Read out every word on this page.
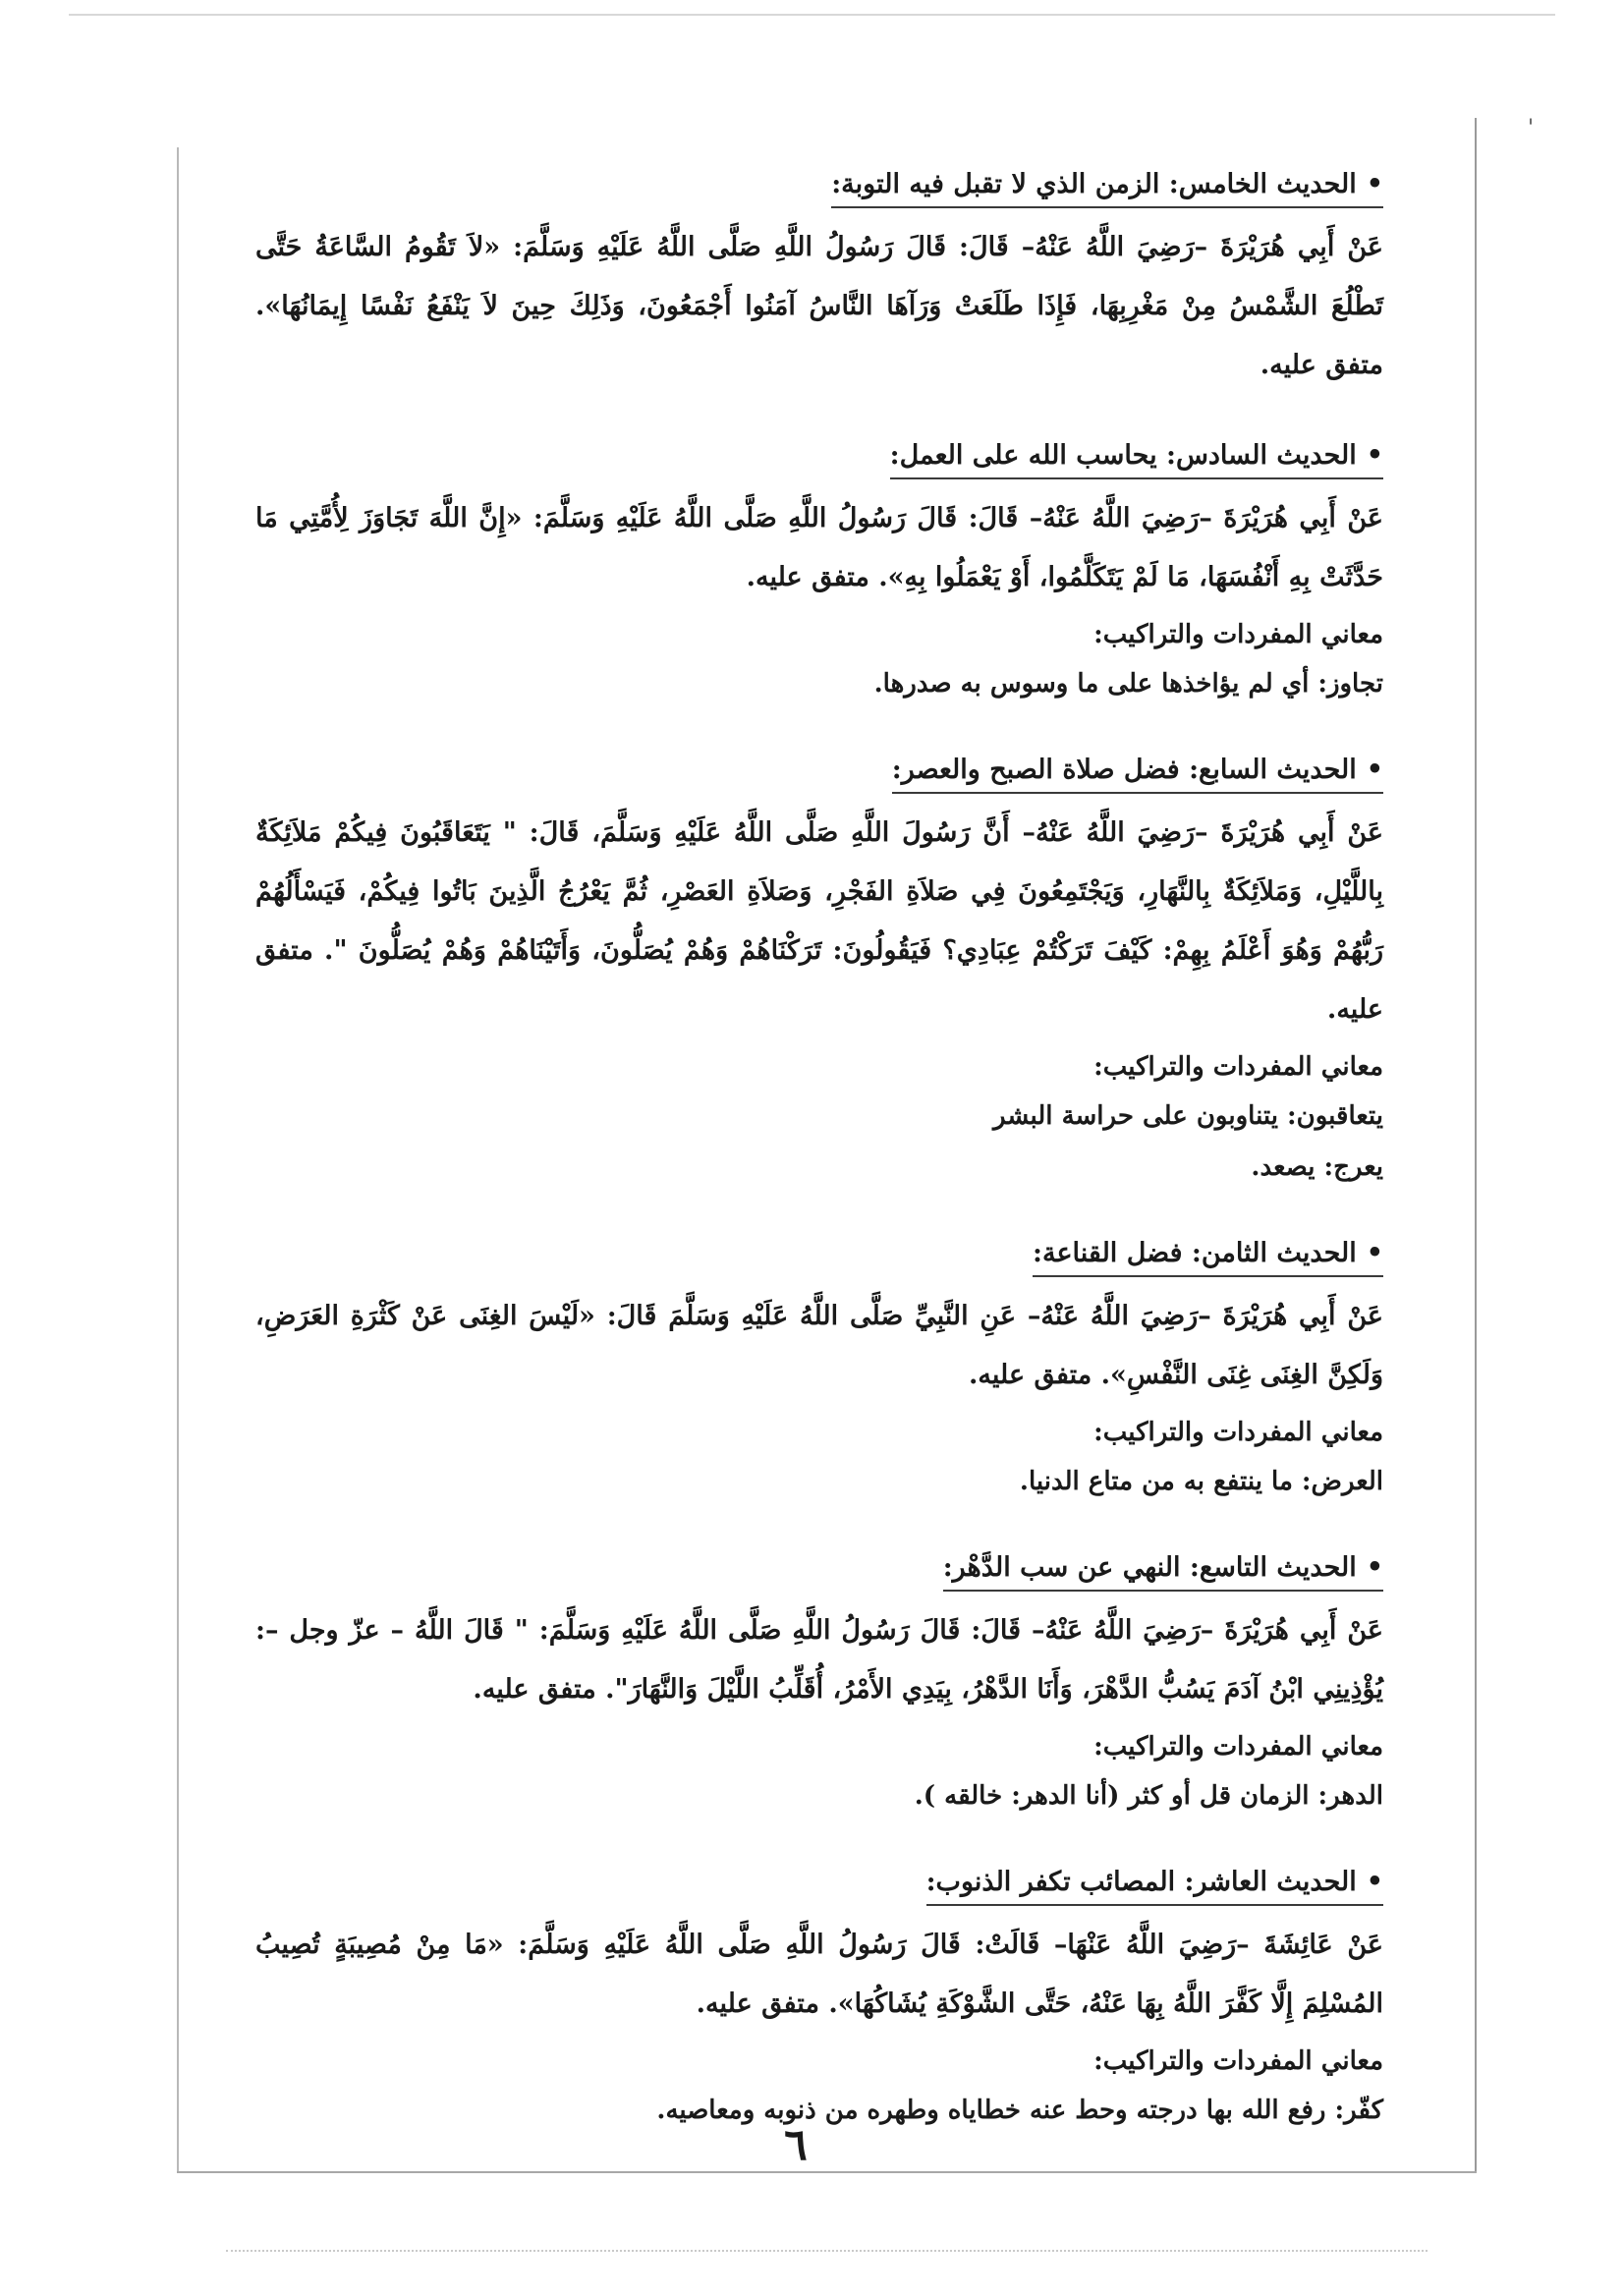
'
•الحديث الخامس: الزمن الذي لا تقبل فيه التوبة:
عَنْ أَبِي هُرَيْرَةَ –رَضِيَ اللَّهُ عَنْهُ– قَالَ: قَالَ رَسُولُ اللَّهِ صَلَّى اللَّهُ عَلَيْهِ وَسَلَّمَ: «لاَ تَقُومُ السَّاعَةُ حَتَّى تَطْلُعَ الشَّمْسُ مِنْ مَغْرِبِهَا، فَإِذَا طَلَعَتْ وَرَآهَا النَّاسُ آمَنُوا أَجْمَعُونَ، وَذَلِكَ حِينَ لاَ يَنْفَعُ نَفْسًا إِيمَانُهَا». متفق عليه.
•الحديث السادس: يحاسب الله على العمل:
عَنْ أَبِي هُرَيْرَةَ –رَضِيَ اللَّهُ عَنْهُ– قَالَ: قَالَ رَسُولُ اللَّهِ صَلَّى اللَّهُ عَلَيْهِ وَسَلَّمَ: «إِنَّ اللَّهَ تَجَاوَزَ لِأُمَّتِي مَا حَدَّثَتْ بِهِ أَنْفُسَهَا، مَا لَمْ يَتَكَلَّمُوا، أَوْ يَعْمَلُوا بِهِ». متفق عليه.
معاني المفردات والتراكيب:
تجاوز: أي لم يؤاخذها على ما وسوس به صدرها.
•الحديث السابع: فضل صلاة الصبح والعصر:
عَنْ أَبِي هُرَيْرَةَ –رَضِيَ اللَّهُ عَنْهُ– أَنَّ رَسُولَ اللَّهِ صَلَّى اللَّهُ عَلَيْهِ وَسَلَّمَ، قَالَ: " يَتَعَاقَبُونَ فِيكُمْ مَلاَئِكَةٌ بِاللَّيْلِ، وَمَلاَئِكَةٌ بِالنَّهَارِ، وَيَجْتَمِعُونَ فِي صَلاَةِ الفَجْرِ، وَصَلاَةِ العَصْرِ، ثُمَّ يَعْرُجُ الَّذِينَ بَاتُوا فِيكُمْ، فَيَسْأَلُهُمْ رَبُّهُمْ وَهُوَ أَعْلَمُ بِهِمْ: كَيْفَ تَرَكْتُمْ عِبَادِي؟ فَيَقُولُونَ: تَرَكْنَاهُمْ وَهُمْ يُصَلُّونَ، وَأَتَيْنَاهُمْ وَهُمْ يُصَلُّونَ ". متفق عليه.
معاني المفردات والتراكيب:
يتعاقبون: يتناوبون على حراسة البشر
يعرج: يصعد.
•الحديث الثامن: فضل القناعة:
عَنْ أَبِي هُرَيْرَةَ –رَضِيَ اللَّهُ عَنْهُ– عَنِ النَّبِيِّ صَلَّى اللَّهُ عَلَيْهِ وَسَلَّمَ قَالَ: «لَيْسَ الغِنَى عَنْ كَثْرَةِ العَرَضِ، وَلَكِنَّ الغِنَى غِنَى النَّفْسِ». متفق عليه.
معاني المفردات والتراكيب:
العرض: ما ينتفع به من متاع الدنيا.
•الحديث التاسع: النهي عن سب الدَّهْر:
عَنْ أَبِي هُرَيْرَةَ –رَضِيَ اللَّهُ عَنْهُ– قَالَ: قَالَ رَسُولُ اللَّهِ صَلَّى اللَّهُ عَلَيْهِ وَسَلَّمَ: " قَالَ اللَّهُ – عزّ وجل –: يُؤْذِينِي ابْنُ آدَمَ يَسُبُّ الدَّهْرَ، وَأَنَا الدَّهْرُ، بِيَدِي الأَمْرُ، أُقَلِّبُ اللَّيْلَ وَالنَّهَارَ". متفق عليه.
معاني المفردات والتراكيب:
الدهر: الزمان قل أو كثر (أنا الدهر: خالقه ).
•الحديث العاشر: المصائب تكفر الذنوب:
عَنْ عَائِشَةَ –رَضِيَ اللَّهُ عَنْهَا– قَالَتْ: قَالَ رَسُولُ اللَّهِ صَلَّى اللَّهُ عَلَيْهِ وَسَلَّمَ: «مَا مِنْ مُصِيبَةٍ تُصِيبُ المُسْلِمَ إِلَّا كَفَّرَ اللَّهُ بِهَا عَنْهُ، حَتَّى الشَّوْكَةِ يُشَاكُهَا». متفق عليه.
معاني المفردات والتراكيب:
كفّر: رفع الله بها درجته وحط عنه خطاياه وطهره من ذنوبه ومعاصيه.
٦
